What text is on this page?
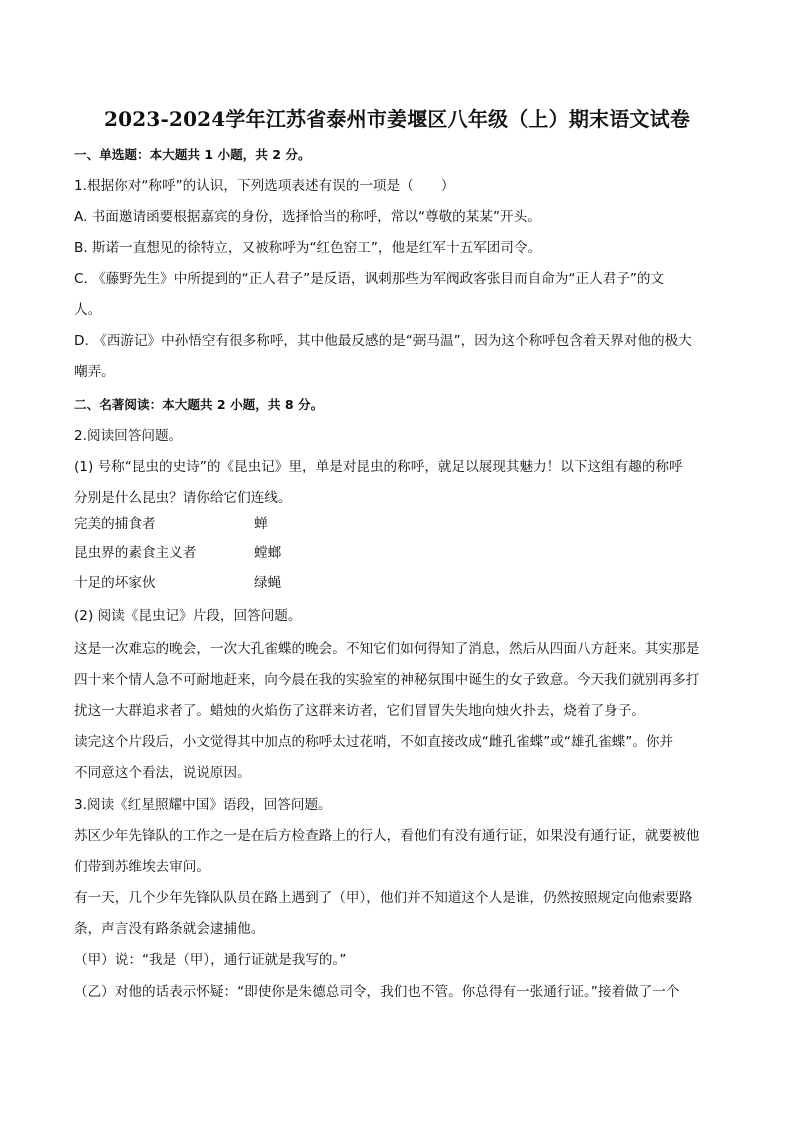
2023-2024学年江苏省泰州市姜堰区八年级（上）期末语文试卷
一、单选题：本大题共 1 小题，共 2 分。
1.根据你对“称呼”的认识，下列选项表述有误的一项是（　　）
A. 书面邀请函要根据嘉宾的身份，选择恰当的称呼，常以“尊敬的某某”开头。
B. 斯诺一直想见的徐特立，又被称呼为“红色窑工”，他是红军十五军团司令。
C. 《藤野先生》中所提到的“正人君子”是反语，讽刺那些为军阀政客张目而自命为“正人君子”的文
人。
D. 《西游记》中孙悟空有很多称呼，其中他最反感的是“弼马温”，因为这个称呼包含着天界对他的极大
嘲弄。
二、名著阅读：本大题共 2 小题，共 8 分。
2.阅读回答问题。
(1) 号称“昆虫的史诗”的《昆虫记》里，单是对昆虫的称呼，就足以展现其魅力！以下这组有趣的称呼
分别是什么昆虫？请你给它们连线。
完美的捕食者	蝉
昆虫界的素食主义者	螳螂
十足的坏家伙	绿蝇
(2) 阅读《昆虫记》片段，回答问题。
这是一次难忘的晚会，一次大孔雀蝶的晚会。不知它们如何得知了消息，然后从四面八方赶来。其实那是
四十来个情人急不可耐地赶来，向今晨在我的实验室的神秘氛围中诞生的女子致意。今天我们就别再多打
扰这一大群追求者了。蜡烛的火焰伤了这群来访者，它们冒冒失失地向烛火扑去，烧着了身子。
读完这个片段后，小文觉得其中加点的称呼太过花哨，不如直接改成“雌孔雀蝶”或“雄孔雀蝶”。你并
不同意这个看法，说说原因。
3.阅读《红星照耀中国》语段，回答问题。
苏区少年先锋队的工作之一是在后方检查路上的行人，看他们有没有通行证，如果没有通行证，就要被他
们带到苏维埃去审问。
有一天，几个少年先锋队队员在路上遇到了（甲），他们并不知道这个人是谁，仍然按照规定向他索要路
条，声言没有路条就会逮捕他。
（甲）说：“我是（甲），通行证就是我写的。”
（乙）对他的话表示怀疑：“即使你是朱德总司令，我们也不管。你总得有一张通行证。”接着做了一个
